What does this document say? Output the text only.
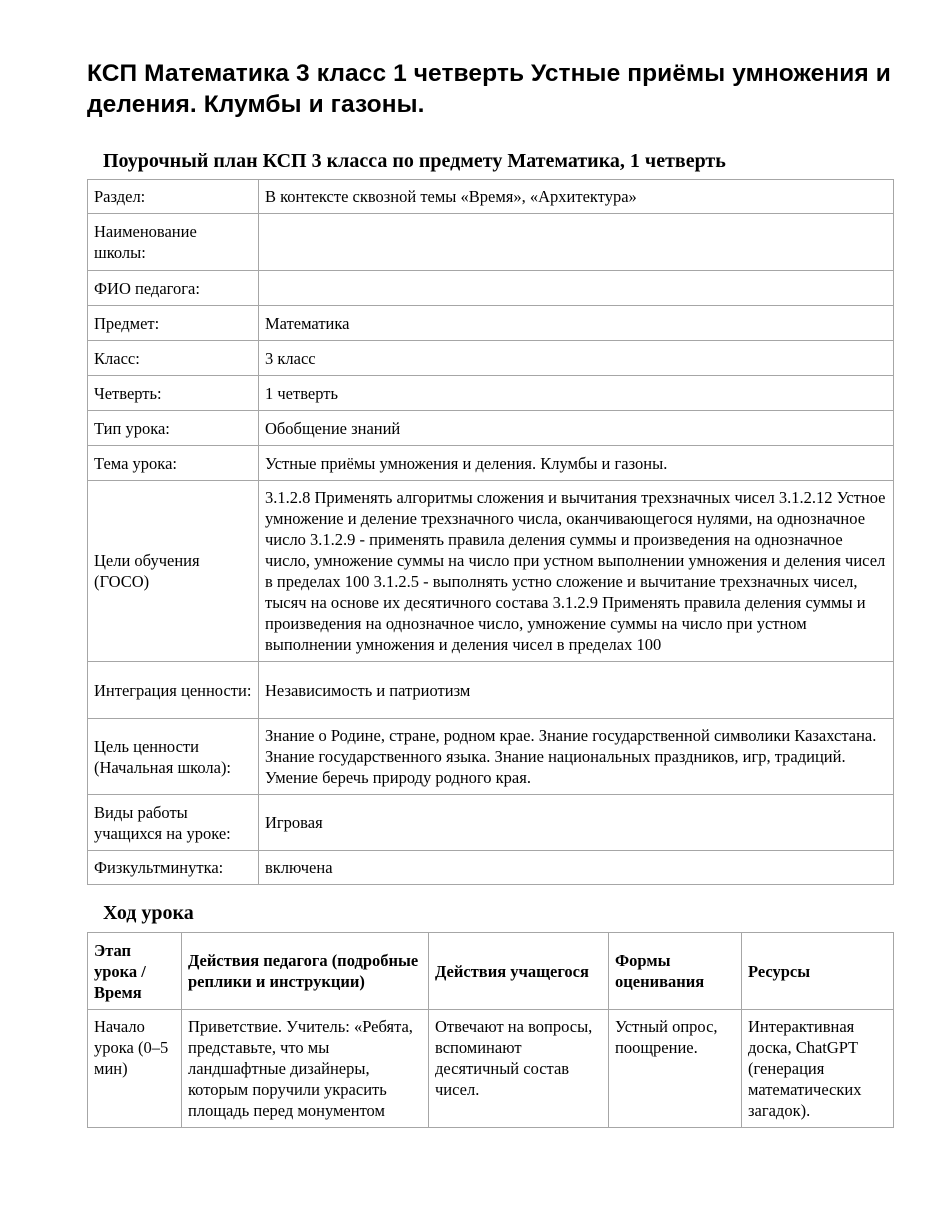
КСП Математика 3 класс 1 четверть Устные приёмы умножения и деления. Клумбы и газоны.
Поурочный план КСП 3 класса по предмету Математика, 1 четверть
Раздел:	В контексте сквозной темы «Время», «Архитектура»
Наименование школы:	
ФИО педагога:	
Предмет:	Математика
Класс:	3 класс
Четверть:	1 четверть
Тип урока:	Обобщение знаний
Тема урока:	Устные приёмы умножения и деления. Клумбы и газоны.
Цели обучения (ГОСО)	3.1.2.8 Применять алгоритмы сложения и вычитания трехзначных чисел 3.1.2.12 Устное умножение и деление трехзначного числа, оканчивающегося нулями, на однозначное число 3.1.2.9 - применять правила деления суммы и произведения на однозначное число, умножение суммы на число при устном выполнении умножения и деления чисел в пределах 100 3.1.2.5 - выполнять устно сложение и вычитание трехзначных чисел, тысяч на основе их десятичного состава 3.1.2.9 Применять правила деления суммы и произведения на однозначное число, умножение суммы на число при устном выполнении умножения и деления чисел в пределах 100
Интеграция ценности:	Независимость и патриотизм
Цель ценности (Начальная школа):	Знание о Родине, стране, родном крае. Знание государственной символики Казахстана. Знание государственного языка. Знание национальных праздников, игр, традиций. Умение беречь природу родного края.
Виды работы учащихся на уроке:	Игровая
Физкультминутка:	включена
Ход урока
Этап урока / Время	Действия педагога (подробные реплики и инструкции)	Действия учащегося	Формы оценивания	Ресурсы
Начало урока (0–5 мин)	Приветствие. Учитель: «Ребята, представьте, что мы ландшафтные дизайнеры, которым поручили украсить площадь перед монументом	Отвечают на вопросы, вспоминают десятичный состав чисел.	Устный опрос, поощрение.	Интерактивная доска, ChatGPT (генерация математических загадок).
